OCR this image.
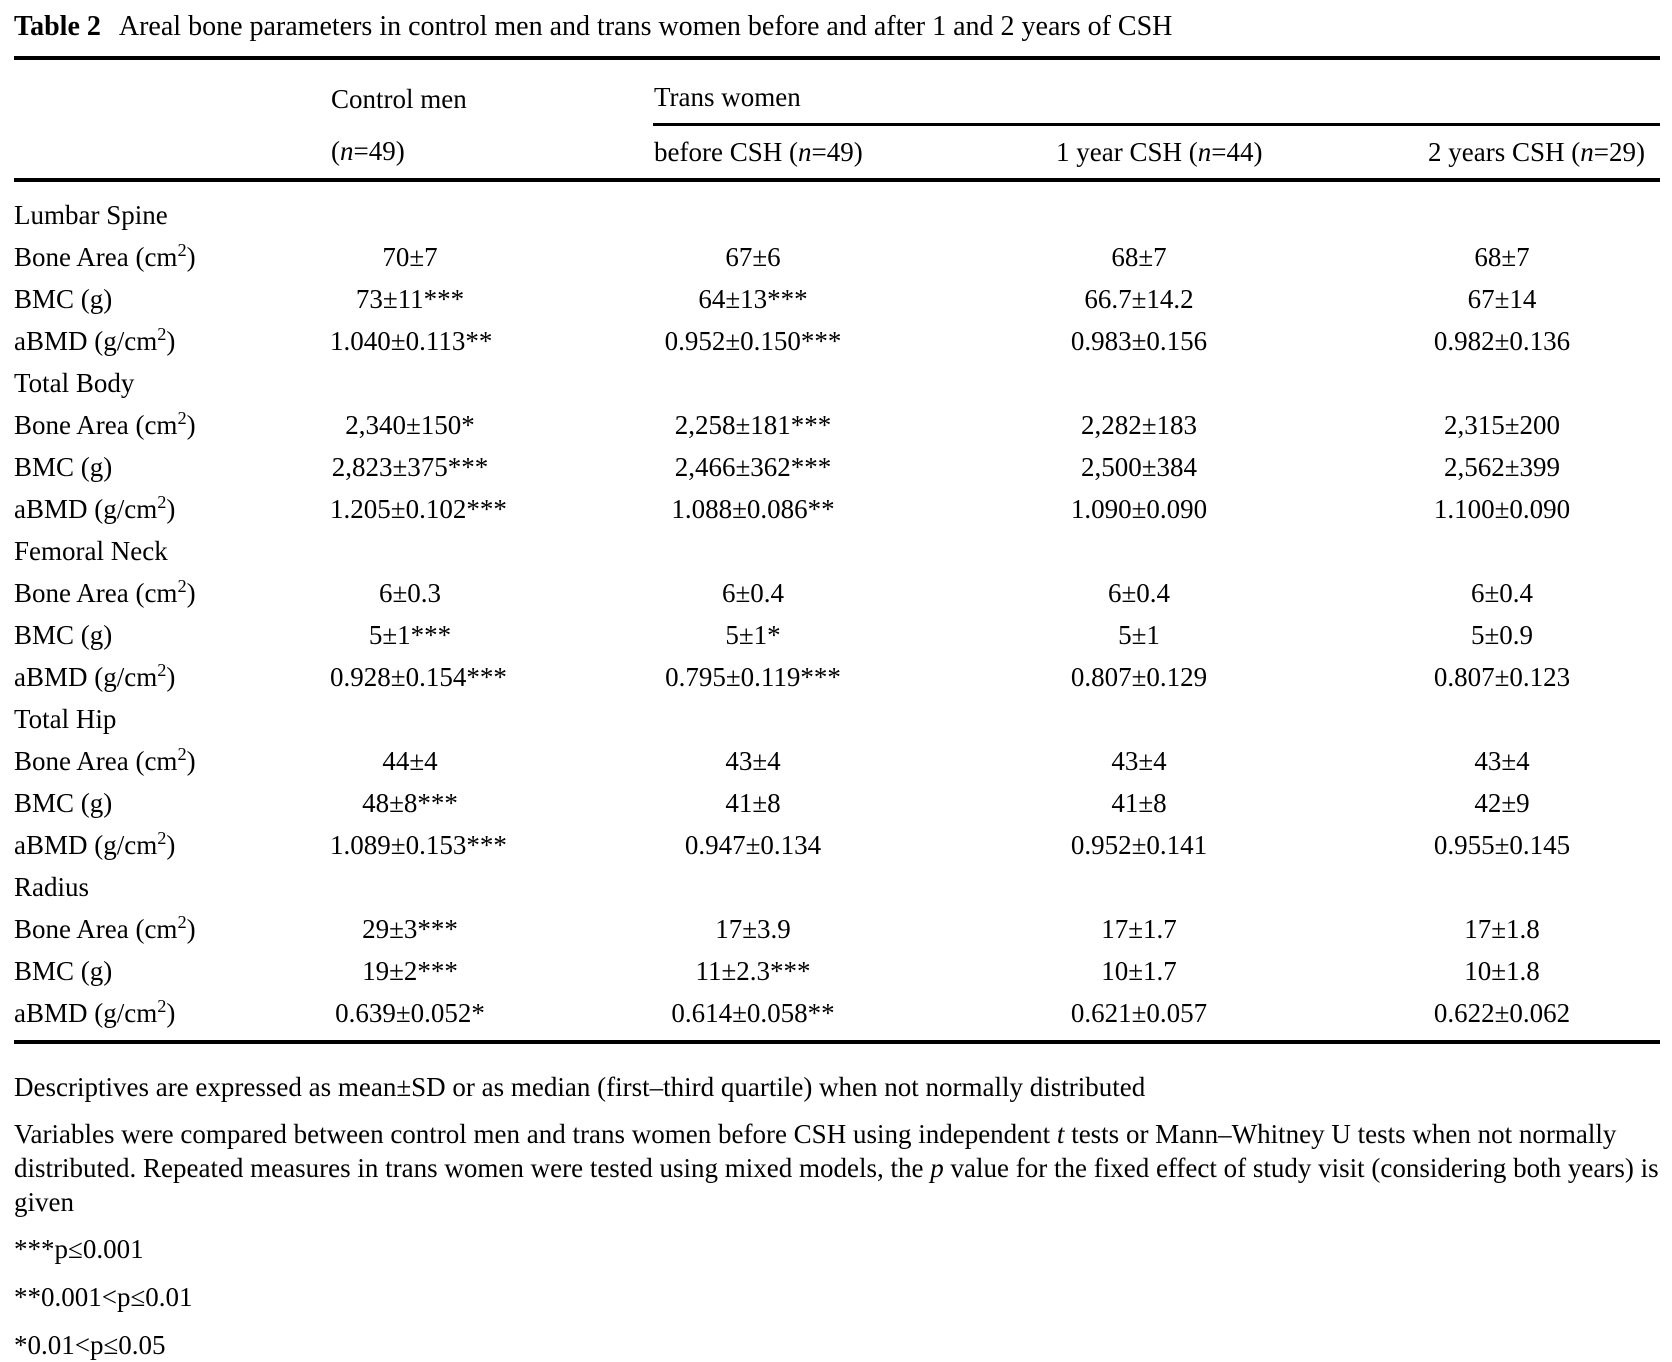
Table 2 Areal bone parameters in control men and trans women before and after 1 and 2 years of CSH
	Control men	Trans women		
	(n=49)	before CSH (n=49)	1 year CSH (n=44)	2 years CSH (n=29)
Lumbar Spine				
Bone Area $(cm^2)$	70±7	67±6	68±7	68±7
BMC (g)	73±11***	64±13***	66.7±14.2	67±14
aBMD $(g/cm^2)$	1.040±0.113**	0.952±0.150***	0.983±0.156	0.982±0.136
Total Body				
Bone Area $(cm^2)$	2,340±150*	2,258±181***	2,282±183	2,315±200
BMC (g)	2,823±375***	2,466±362***	2,500±384	2,562±399
aBMD $(g/cm^2)$	1.205±0.102***	1.088±0.086**	1.090±0.090	1.100±0.090
Femoral Neck				
Bone Area $(cm^2)$	6±0.3	6±0.4	6±0.4	6±0.4
BMC (g)	5±1***	5±1*	5±1	5±0.9
aBMD $(g/cm^2)$	0.928±0.154***	0.795±0.119***	0.807±0.129	0.807±0.123
Total Hip				
Bone Area $(cm^2)$	44±4	43±4	43±4	43±4
BMC (g)	48±8***	41±8	41±8	42±9
aBMD $(g/cm^2)$	1.089±0.153***	0.947±0.134	0.952±0.141	0.955±0.145
Radius				
Bone Area $(cm^2)$	29±3***	17±3.9	17±1.7	17±1.8
BMC (g)	19±2***	11±2.3***	10±1.7	10±1.8
aBMD $(g/cm^2)$	0.639±0.052*	0.614±0.058**	0.621±0.057	0.622±0.062

Descriptives are expressed as mean±SD or as median (first–third quartile) when not normally distributed

Variables were compared between control men and trans women before CSH using independent t tests or Mann–Whitney U tests when not normally distributed. Repeated measures in trans women were tested using mixed models, the p value for the fixed effect of study visit (considering both years) is given

***p≤0.001

**0.001<p≤0.01

*0.01<p≤0.05
